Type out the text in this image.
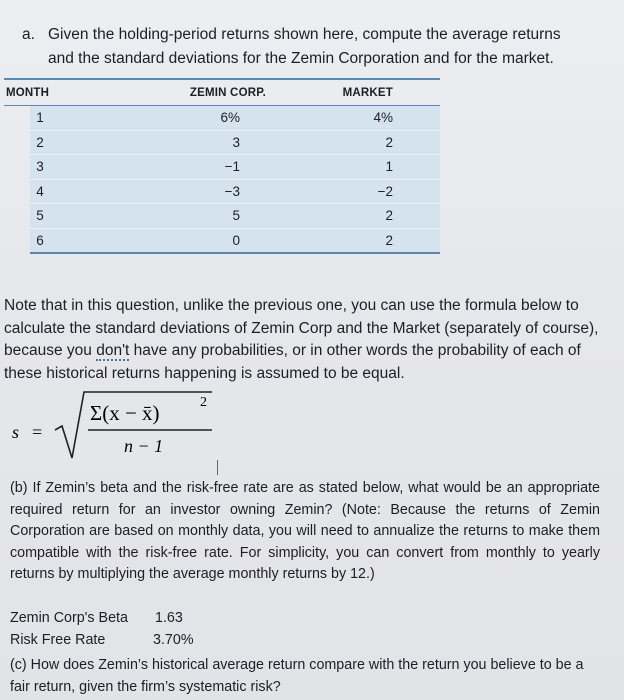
a. Given the holding-period returns shown here, compute the average returns
and the standard deviations for the Zemin Corporation and for the market.
MONTH	ZEMIN CORP.	MARKET
1	6%	4%
2	3	2
3	−1	1
4	−3	−2
5	5	2
6	0	2
Note that in this question, unlike the previous one, you can use the formula below to calculate the standard deviations of Zemin Corp and the Market (separately of course), because you don't have any probabilities, or in other words the probability of each of these historical returns happening is assumed to be equal.
s =
Σ(x − x̄)	2
n − 1
(b) If Zemin’s beta and the risk-free rate are as stated below, what would be an appropriate required return for an investor owning Zemin? (Note: Because the returns of Zemin Corporation are based on monthly data, you will need to annualize the returns to make them compatible with the risk-free rate. For simplicity, you can convert from monthly to yearly returns by multiplying the average monthly returns by 12.)
Zemin Corp's Beta 1.63
Risk Free Rate	3.70%
(c) How does Zemin’s historical average return compare with the return you believe to be a fair return, given the firm’s systematic risk?
